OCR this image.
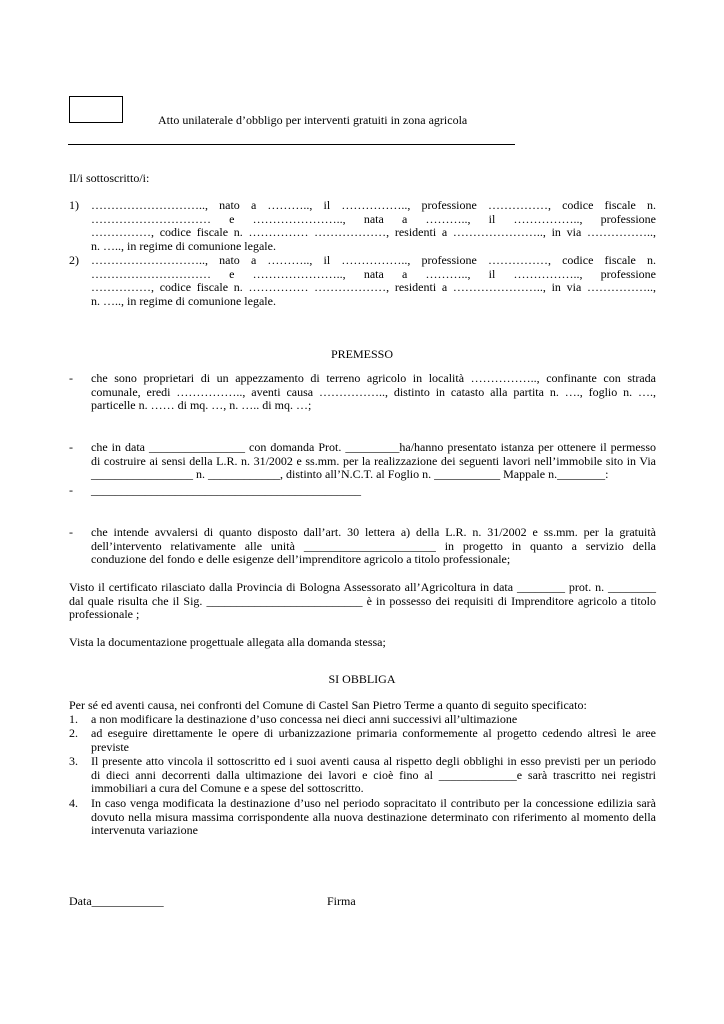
Atto unilaterale d’obbligo per interventi gratuiti in zona agricola
Il/i sottoscritto/i:
1) ……………………….., nato a ……….., il …………….., professione ……………, codice fiscale n.
………………………… e ………………….., nata a ……….., il …………….., professione
……………, codice fiscale n. …………… ………………, residenti a ………………….., in via ……………..,
n. ….., in regime di comunione legale.
2) ……………………….., nato a ……….., il …………….., professione ……………, codice fiscale n.
………………………… e ………………….., nata a ……….., il …………….., professione
……………, codice fiscale n. …………… ………………, residenti a ………………….., in via ……………..,
n. ….., in regime di comunione legale.
PREMESSO
- che sono proprietari di un appezzamento di terreno agricolo in località …………….., confinante con strada
comunale, eredi …………….., aventi causa …………….., distinto in catasto alla partita n. …., foglio n. ….,
particelle n. …… di mq. …, n. ….. di mq. …;
- che in data ________________ con domanda Prot. _________ha/hanno presentato istanza per ottenere il permesso
di costruire ai sensi della L.R. n. 31/2002 e ss.mm. per la realizzazione dei seguenti lavori nell’immobile sito in Via
_________________ n. ____________, distinto all’N.C.T. al Foglio n. ___________ Mappale n.________:
- _____________________________________________
- che intende avvalersi di quanto disposto dall’art. 30 lettera a) della L.R. n. 31/2002 e ss.mm. per la gratuità
dell’intervento relativamente alle unità ______________________ in progetto in quanto a servizio della
conduzione del fondo e delle esigenze dell’imprenditore agricolo a titolo professionale;
Visto il certificato rilasciato dalla Provincia di Bologna Assessorato all’Agricoltura in data ________ prot. n. ________
dal quale risulta che il Sig. __________________________ è in possesso dei requisiti di Imprenditore agricolo a titolo
professionale ;
Vista la documentazione progettuale allegata alla domanda stessa;
SI OBBLIGA
Per sé ed aventi causa, nei confronti del Comune di Castel San Pietro Terme a quanto di seguito specificato:
1. a non modificare la destinazione d’uso concessa nei dieci anni successivi all’ultimazione
2. ad eseguire direttamente le opere di urbanizzazione primaria conformemente al progetto cedendo altresì le aree
previste
3. Il presente atto vincola il sottoscritto ed i suoi aventi causa al rispetto degli obblighi in esso previsti per un periodo
di dieci anni decorrenti dalla ultimazione dei lavori e cioè fino al _____________e sarà trascritto nei registri
immobiliari a cura del Comune e a spese del sottoscritto.
4. In caso venga modificata la destinazione d’uso nel periodo sopracitato il contributo per la concessione edilizia sarà
dovuto nella misura massima corrispondente alla nuova destinazione determinato con riferimento al momento della
intervenuta variazione
Data____________	Firma
